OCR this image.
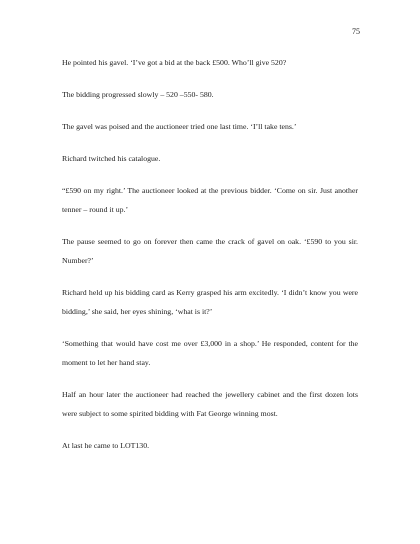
75

He pointed his gavel. ‘I’ve got a bid at the back £500. Who’ll give 520?

The bidding progressed slowly – 520 –550- 580.

The gavel was poised and the auctioneer tried one last time. ‘I’ll take tens.’

Richard twitched his catalogue.

“£590 on my right.’ The auctioneer looked at the previous bidder. ‘Come on sir. Just another tenner – round it up.’

The pause seemed to go on forever then came the crack of gavel on oak. ‘£590 to you sir. Number?’

Richard held up his bidding card as Kerry grasped his arm excitedly. ‘I didn’t know you were bidding,’ she said, her eyes shining, ‘what is it?’

‘Something that would have cost me over £3,000 in a shop.’ He responded, content for the moment to let her hand stay.

Half an hour later the auctioneer had reached the jewellery cabinet and the first dozen lots were subject to some spirited bidding with Fat George winning most.

At last he came to LOT130.
